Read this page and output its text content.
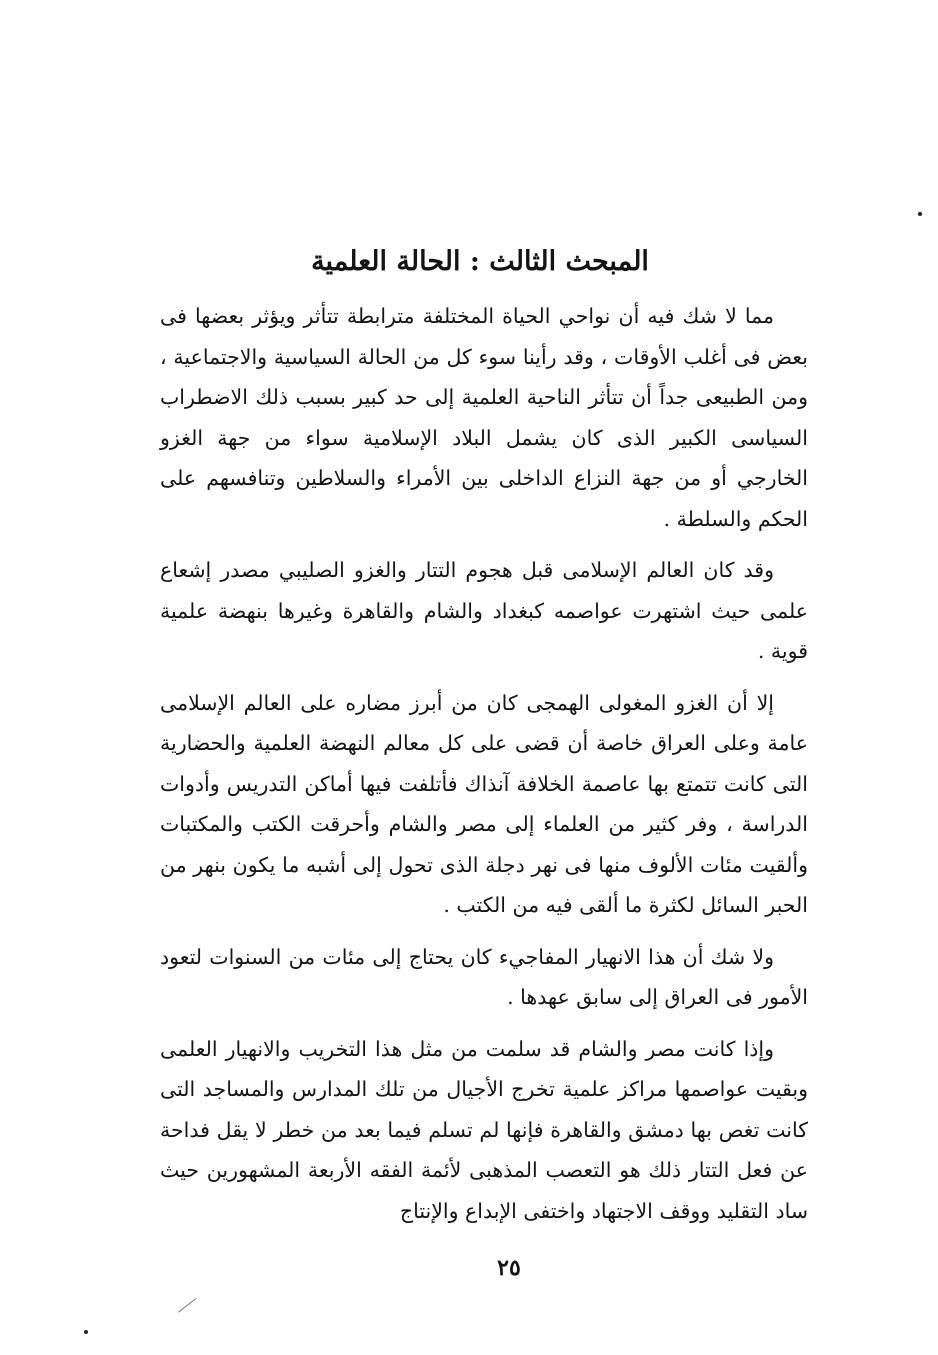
المبحث الثالث : الحالة العلمية

مما لا شك فيه أن نواحي الحياة المختلفة مترابطة تتأثر ويؤثر بعضها فى بعض فى أغلب الأوقات ، وقد رأينا سوء كل من الحالة السياسية والاجتماعية ، ومن الطبيعى جداً أن تتأثر الناحية العلمية إلى حد كبير بسبب ذلك الاضطراب السياسى الكبير الذى كان يشمل البلاد الإسلامية سواء من جهة الغزو الخارجي أو من جهة النزاع الداخلى بين الأمراء والسلاطين وتنافسهم على الحكم والسلطة .

وقد كان العالم الإسلامى قبل هجوم التتار والغزو الصليبي مصدر إشعاع علمى حيث اشتهرت عواصمه كبغداد والشام والقاهرة وغيرها بنهضة علمية قوية .

إلا أن الغزو المغولى الهمجى كان من أبرز مضاره على العالم الإسلامى عامة وعلى العراق خاصة أن قضى على كل معالم النهضة العلمية والحضارية التى كانت تتمتع بها عاصمة الخلافة آنذاك فأتلفت فيها أماكن التدريس وأدوات الدراسة ، وفر كثير من العلماء إلى مصر والشام وأحرقت الكتب والمكتبات وألقيت مئات الألوف منها فى نهر دجلة الذى تحول إلى أشبه ما يكون بنهر من الحبر السائل لكثرة ما ألقى فيه من الكتب .

ولا شك أن هذا الانهيار المفاجيء كان يحتاج إلى مئات من السنوات لتعود الأمور فى العراق إلى سابق عهدها .

وإذا كانت مصر والشام قد سلمت من مثل هذا التخريب والانهيار العلمى وبقيت عواصمها مراكز علمية تخرج الأجيال من تلك المدارس والمساجد التى كانت تغص بها دمشق والقاهرة فإنها لم تسلم فيما بعد من خطر لا يقل فداحة عن فعل التتار ذلك هو التعصب المذهبى لأئمة الفقه الأربعة المشهورين حيث ساد التقليد ووقف الاجتهاد واختفى الإبداع والإنتاج

٢٥
